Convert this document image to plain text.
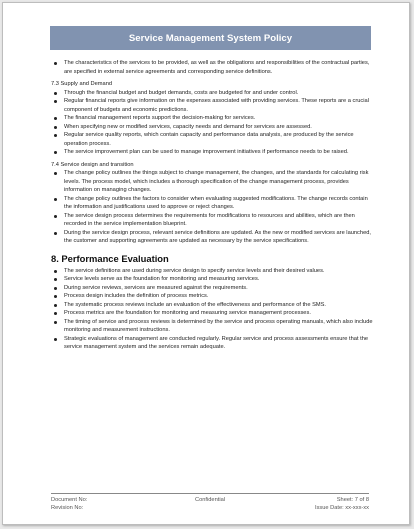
Service Management System Policy
The characteristics of the services to be provided, as well as the obligations and responsibilities of the contractual parties, are specified in external service agreements and corresponding service definitions.
7.3 Supply and Demand
Through the financial budget and budget demands, costs are budgeted for and under control.
Regular financial reports give information on the expenses associated with providing services. These reports are a crucial component of budgets and economic predictions.
The financial management reports support the decision-making for services.
When specifying new or modified services, capacity needs and demand for services are assessed.
Regular service quality reports, which contain capacity and performance data analysis, are produced by the service operation process.
The service improvement plan can be used to manage improvement initiatives if performance needs to be raised.
7.4 Service design and transition
The change policy outlines the things subject to change management, the changes, and the standards for calculating risk levels. The process model, which includes a thorough specification of the change management process, provides information on managing changes.
The change policy outlines the factors to consider when evaluating suggested modifications. The change records contain the information and justifications used to approve or reject changes.
The service design process determines the requirements for modifications to resources and abilities, which are then recorded in the service implementation blueprint.
During the service design process, relevant service definitions are updated. As the new or modified services are launched, the customer and supporting agreements are updated as necessary by the service specifications.
8. Performance Evaluation
The service definitions are used during service design to specify service levels and their desired values.
Service levels serve as the foundation for monitoring and measuring services.
During service reviews, services are measured against the requirements.
Process design includes the definition of process metrics.
The systematic process reviews include an evaluation of the effectiveness and performance of the SMS.
Process metrics are the foundation for monitoring and measuring service management processes.
The timing of service and process reviews is determined by the service and process operating manuals, which also include monitoring and measurement instructions.
Strategic evaluations of management are conducted regularly. Regular service and process assessments ensure that the service management system and the services remain adequate.
Document No:	Confidential	Sheet: 7 of 8
Revision No:	Issue Date: xx-xxx-xx
